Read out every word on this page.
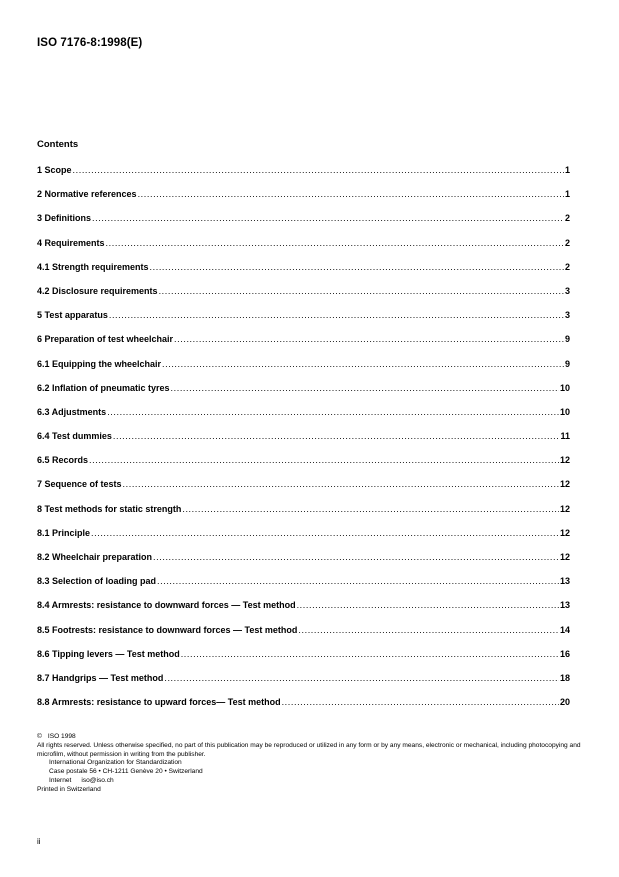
ISO 7176-8:1998(E)
Contents
1 Scope .....	1
2 Normative references .....	1
3 Definitions .....	2
4 Requirements .....	2
4.1 Strength requirements .....	2
4.2 Disclosure requirements .....	3
5 Test apparatus .....	3
6 Preparation of test wheelchair .....	9
6.1 Equipping the wheelchair .....	9
6.2 Inflation of pneumatic tyres .....	10
6.3 Adjustments .....	10
6.4 Test dummies .....	11
6.5 Records .....	12
7 Sequence of tests .....	12
8 Test methods for static strength .....	12
8.1 Principle .....	12
8.2 Wheelchair preparation .....	12
8.3 Selection of loading pad .....	13
8.4 Armrests: resistance to downward forces — Test method .....	13
8.5 Footrests: resistance to downward forces — Test method .....	14
8.6 Tipping levers — Test method .....	16
8.7 Handgrips — Test method .....	18
8.8 Armrests: resistance to upward forces— Test method .....	20
© ISO 1998
All rights reserved. Unless otherwise specified, no part of this publication may be reproduced or utilized in any form or by any means, electronic or mechanical, including photocopying and microfilm, without permission in writing from the publisher.
International Organization for Standardization
Case postale 56 • CH-1211 Genève 20 • Switzerland
Internet iso@iso.ch
Printed in Switzerland
ii
